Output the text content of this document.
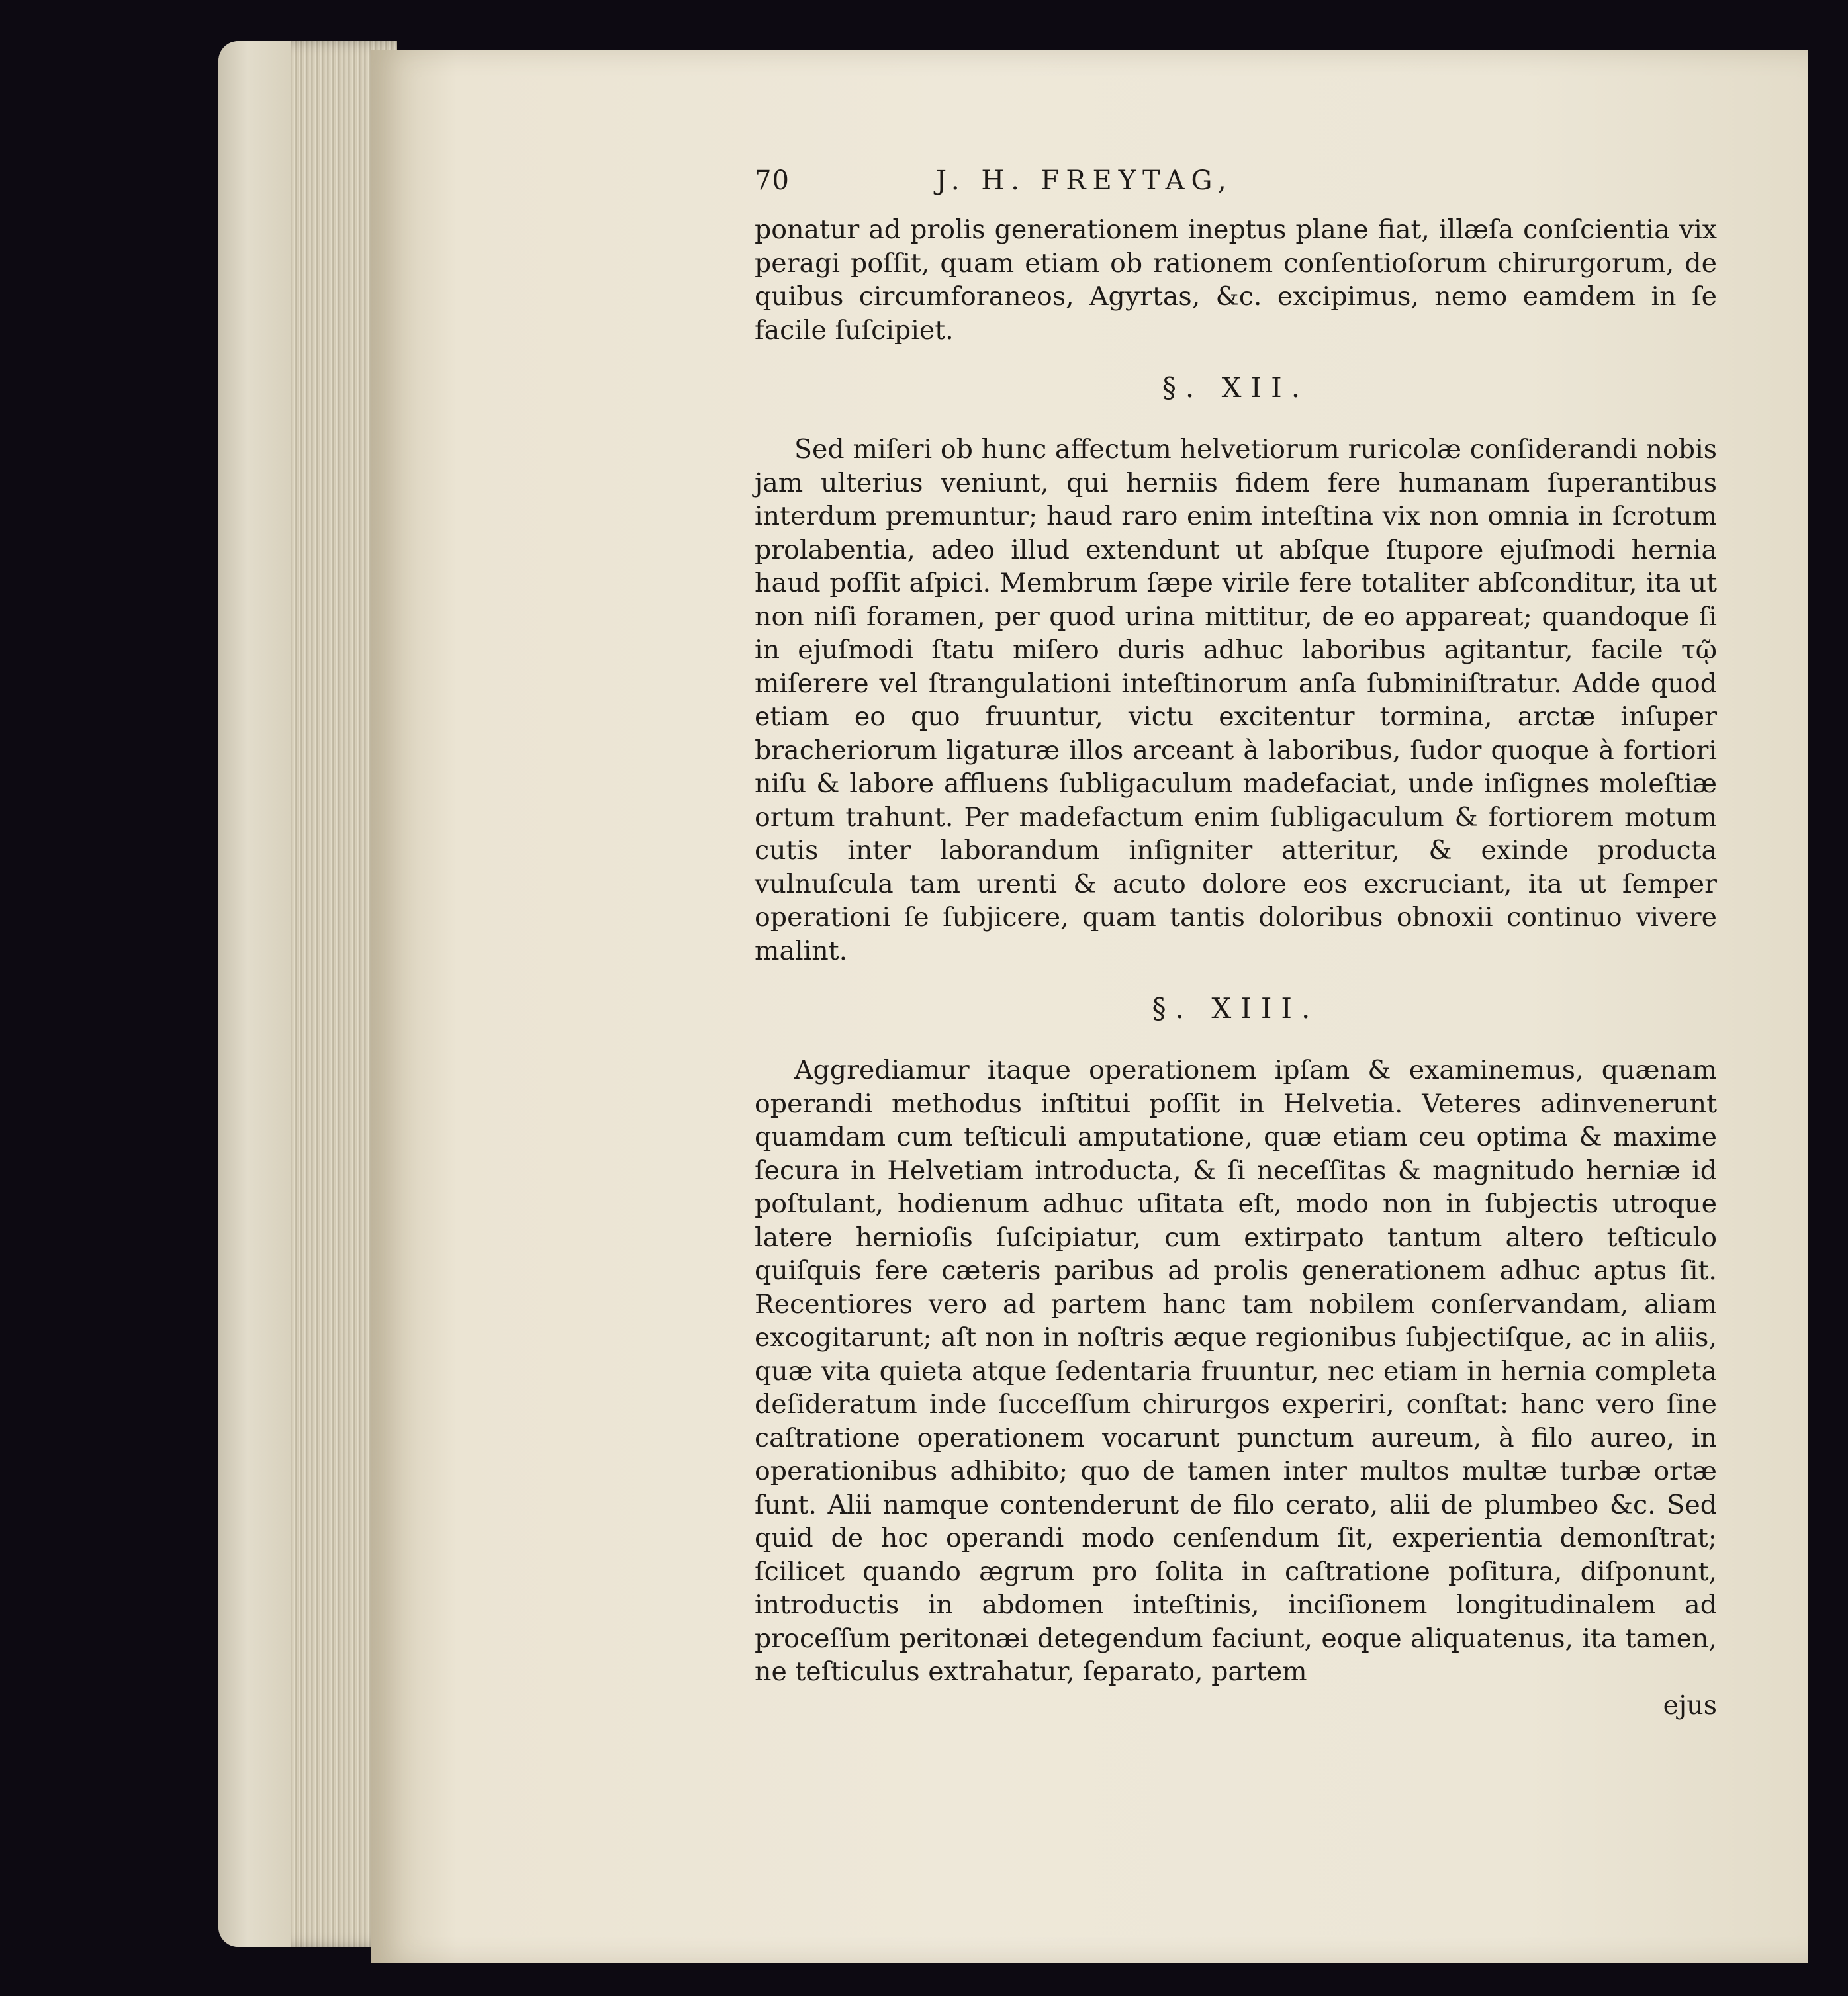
70	J. H. FREYTAG,

ponatur ad prolis generationem ineptus plane fiat, illæſa conſcientia vix peragi poſſit, quam etiam ob rationem conſentioſorum chirurgorum, de quibus circumforaneos, Agyrtas, &c. excipimus, nemo eamdem in ſe facile ſuſcipiet.

§. XII.

Sed miſeri ob hunc affectum helvetiorum ruricolæ conſiderandi nobis jam ulterius veniunt, qui herniis fidem fere humanam ſuperantibus interdum premuntur; haud raro enim inteſtina vix non omnia in ſcrotum prolabentia, adeo illud extendunt ut abſque ſtupore ejuſmodi hernia haud poſſit aſpici. Membrum ſæpe virile fere totaliter abſconditur, ita ut non niſi foramen, per quod urina mittitur, de eo appareat; quandoque ſi in ejuſmodi ſtatu miſero duris adhuc laboribus agitantur, facile τῷ miſerere vel ſtrangulationi inteſtinorum anſa ſubminiſtratur. Adde quod etiam eo quo fruuntur, victu excitentur tormina, arctæ inſuper bracheriorum ligaturæ illos arceant à laboribus, ſudor quoque à fortiori niſu & labore affluens ſubligaculum madefaciat, unde inſignes moleſtiæ ortum trahunt. Per madefactum enim ſubligaculum & fortiorem motum cutis inter laborandum inſigniter atteritur, & exinde producta vulnuſcula tam urenti & acuto dolore eos excruciant, ita ut ſemper operationi ſe ſubjicere, quam tantis doloribus obnoxii continuo vivere malint.

§. XIII.

Aggrediamur itaque operationem ipſam & examinemus, quænam operandi methodus inſtitui poſſit in Helvetia. Veteres adinvenerunt quamdam cum teſticuli amputatione, quæ etiam ceu optima & maxime ſecura in Helvetiam introducta, & ſi neceſſitas & magnitudo herniæ id poſtulant, hodienum adhuc uſitata eſt, modo non in ſubjectis utroque latere hernioſis ſuſcipiatur, cum extirpato tantum altero teſticulo quiſquis fere cæteris paribus ad prolis generationem adhuc aptus ſit. Recentiores vero ad partem hanc tam nobilem conſervandam, aliam excogitarunt; aſt non in noſtris æque regionibus ſubjectiſque, ac in aliis, quæ vita quieta atque ſedentaria fruuntur, nec etiam in hernia completa deſideratum inde ſucceſſum chirurgos experiri, conſtat: hanc vero ſine caſtratione operationem vocarunt punctum aureum, à filo aureo, in operationibus adhibito; quo de tamen inter multos multæ turbæ ortæ ſunt. Alii namque contenderunt de filo cerato, alii de plumbeo &c. Sed quid de hoc operandi modo cenſendum ſit, experientia demonſtrat; ſcilicet quando ægrum pro ſolita in caſtratione poſitura, diſponunt, introductis in abdomen inteſtinis, inciſionem longitudinalem ad proceſſum peritonæi detegendum faciunt, eoque aliquatenus, ita tamen, ne teſticulus extrahatur, ſeparato, partem

ejus
